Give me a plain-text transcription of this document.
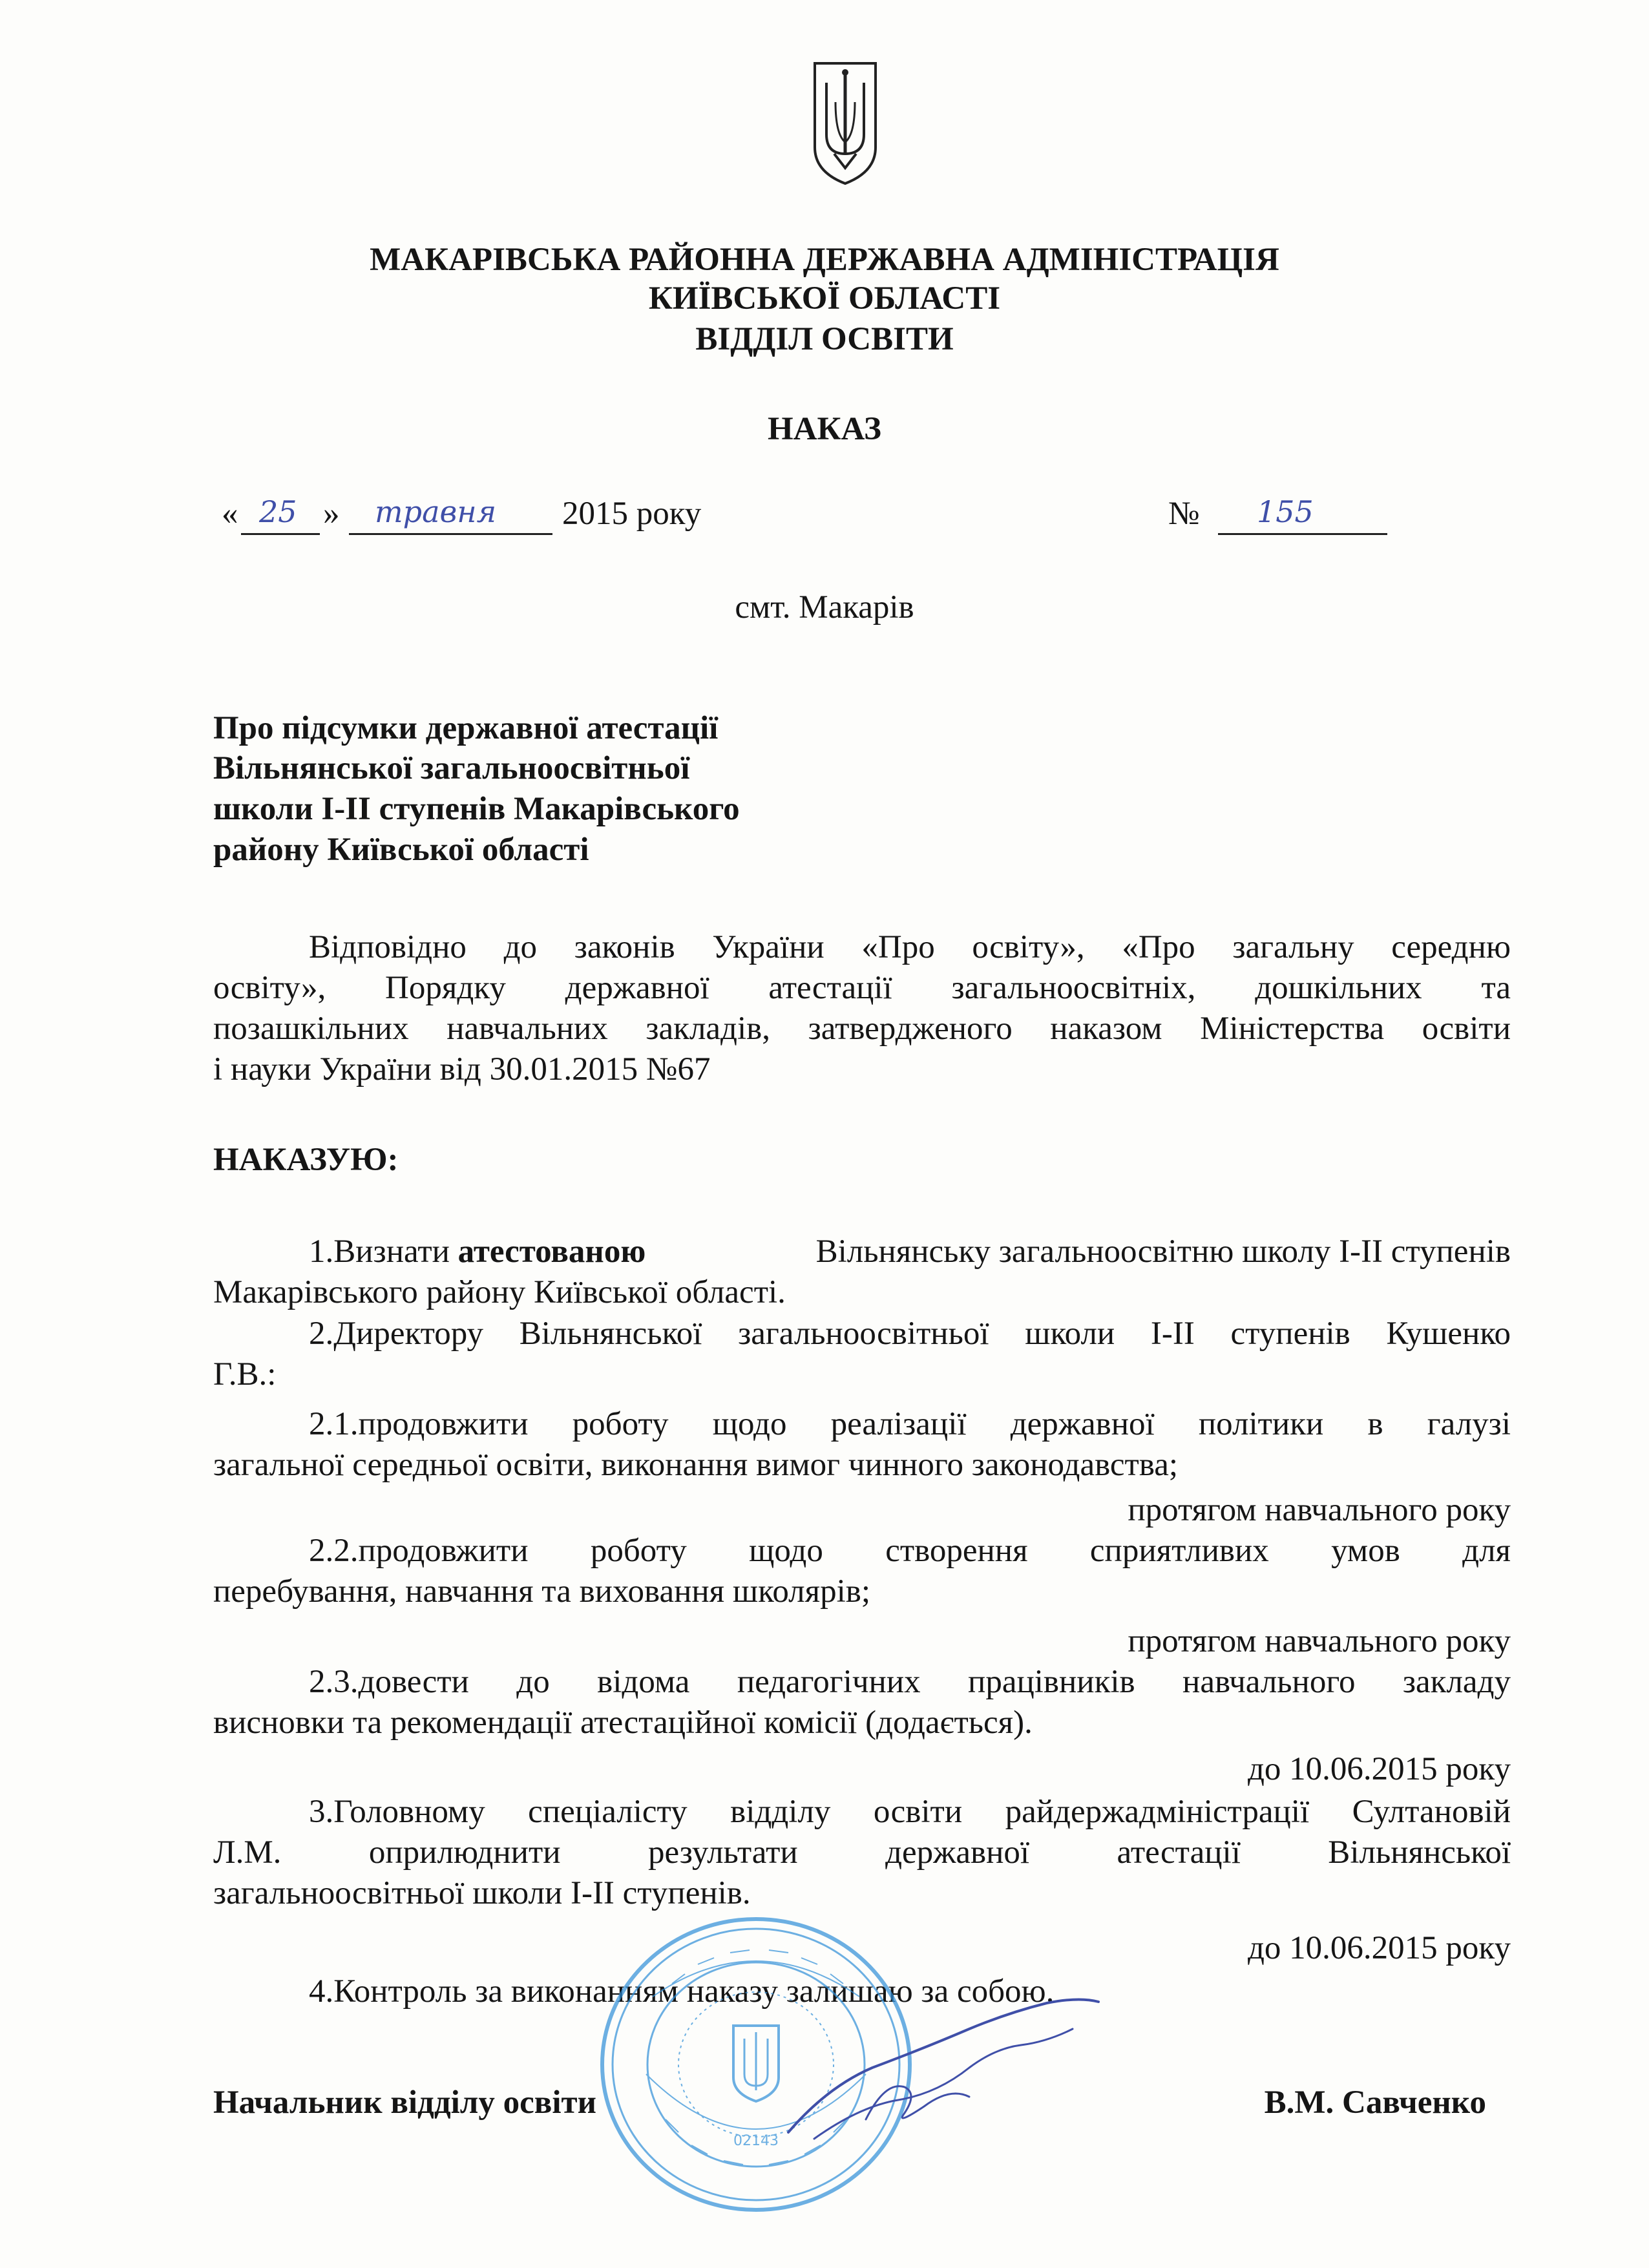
МАКАРІВСЬКА РАЙОННА ДЕРЖАВНА АДМІНІСТРАЦІЯ
КИЇВСЬКОЇ ОБЛАСТІ
ВІДДІЛ ОСВІТИ
НАКАЗ
« 25 » травня 2015 року	№ 155
смт. Макарів
Про підсумки державної атестації
Вільнянської загальноосвітньої
школи І-ІІ ступенів Макарівського
району Київської області
Відповідно до законів України «Про освіту», «Про загальну середню
освіту», Порядку державної атестації загальноосвітніх, дошкільних та
позашкільних навчальних закладів, затвердженого наказом Міністерства освіти
і науки України від 30.01.2015 №67
НАКАЗУЮ:
1.Визнати атестованою	Вільнянську загальноосвітню школу І-ІІ ступенів
Макарівського району Київської області.
2.Директору Вільнянської загальноосвітньої школи І-ІІ ступенів Кушенко
Г.В.:
2.1.продовжити роботу щодо реалізації державної політики в галузі
загальної середньої освіти, виконання вимог чинного законодавства;
протягом навчального року
2.2.продовжити роботу щодо створення сприятливих умов для
перебування, навчання та виховання школярів;
протягом навчального року
2.3.довести до відома педагогічних працівників навчального закладу
висновки та рекомендації атестаційної комісії (додається).
до 10.06.2015 року
3.Головному спеціалісту відділу освіти райдержадміністрації Султановій
Л.М. оприлюднити результати державної атестації Вільнянської
загальноосвітньої школи І-ІІ ступенів.
до 10.06.2015 року
4.Контроль за виконанням наказу залишаю за собою.
Начальник відділу освіти	В.М. Савченко
02143
